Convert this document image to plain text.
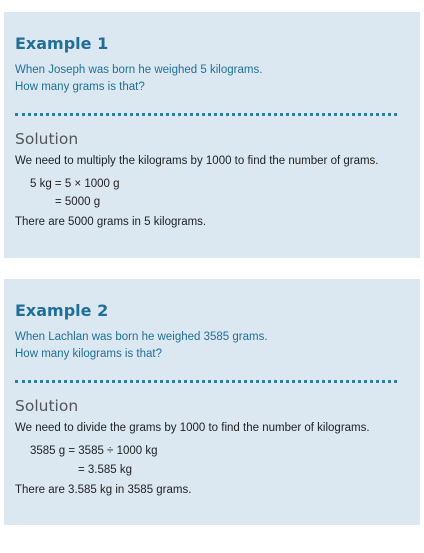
Example 1
When Joseph was born he weighed 5 kilograms.
How many grams is that?
Solution
We need to multiply the kilograms by 1000 to find the number of grams.
5 kg = 5 × 1000 g
= 5000 g
There are 5000 grams in 5 kilograms.
Example 2
When Lachlan was born he weighed 3585 grams.
How many kilograms is that?
Solution
We need to divide the grams by 1000 to find the number of kilograms.
3585 g = 3585 ÷ 1000 kg
= 3.585 kg
There are 3.585 kg in 3585 grams.
